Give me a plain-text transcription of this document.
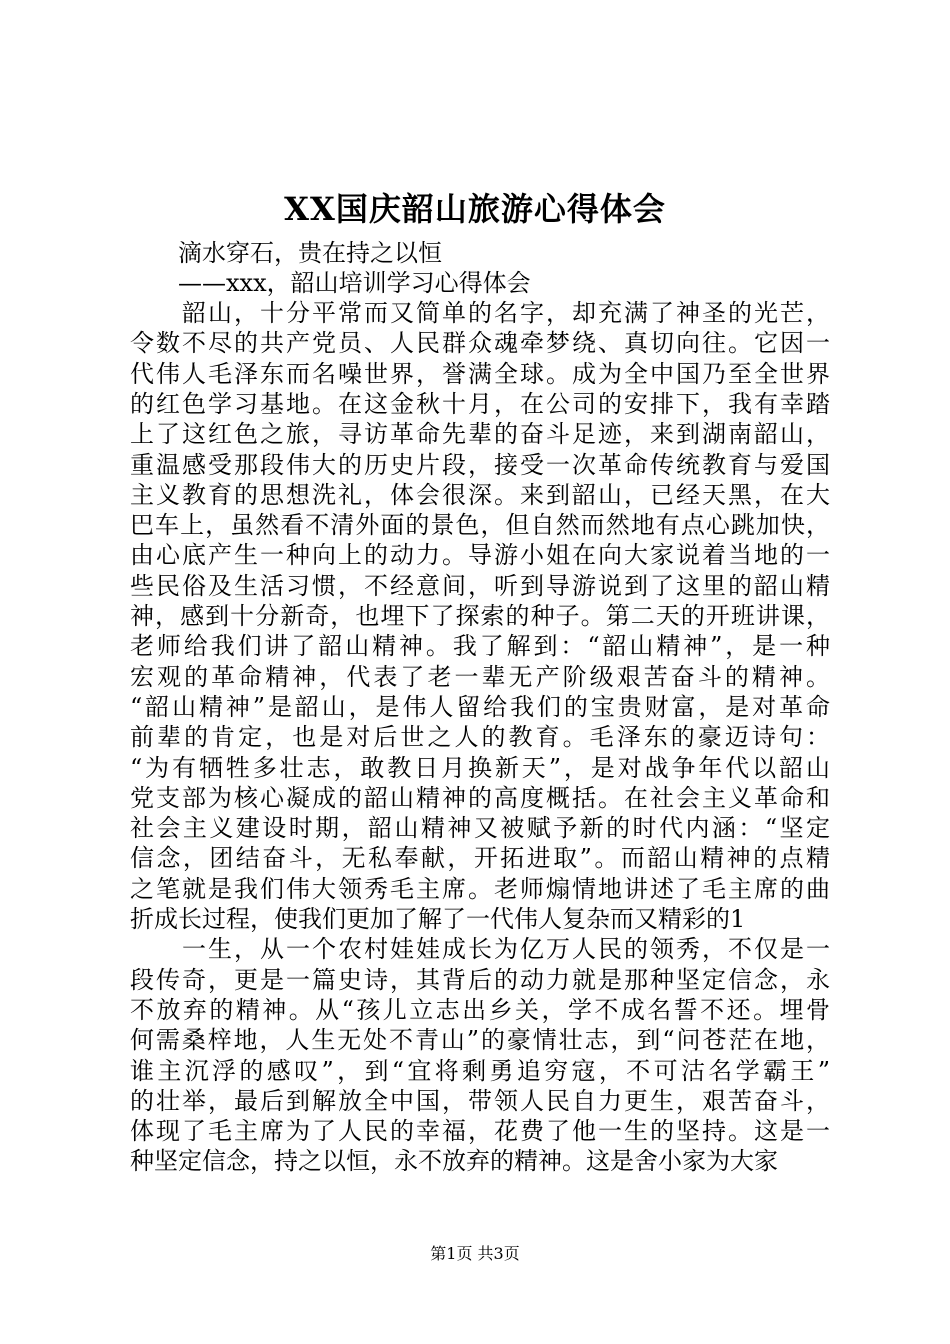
XX国庆韶山旅游心得体会
滴水穿石，贵在持之以恒
——xxx，韶山培训学习心得体会
　　韶山，十分平常而又简单的名字，却充满了神圣的光芒，
令数不尽的共产党员、人民群众魂牵梦绕、真切向往。它因一
代伟人毛泽东而名噪世界，誉满全球。成为全中国乃至全世界
的红色学习基地。在这金秋十月，在公司的安排下，我有幸踏
上了这红色之旅，寻访革命先辈的奋斗足迹，来到湖南韶山，
重温感受那段伟大的历史片段，接受一次革命传统教育与爱国
主义教育的思想洗礼，体会很深。来到韶山，已经天黑，在大
巴车上，虽然看不清外面的景色，但自然而然地有点心跳加快，
由心底产生一种向上的动力。导游小姐在向大家说着当地的一
些民俗及生活习惯，不经意间，听到导游说到了这里的韶山精
神，感到十分新奇，也埋下了探索的种子。第二天的开班讲课，
老师给我们讲了韶山精神。我了解到：“韶山精神”，是一种
宏观的革命精神，代表了老一辈无产阶级艰苦奋斗的精神。
“韶山精神”是韶山，是伟人留给我们的宝贵财富，是对革命
前辈的肯定，也是对后世之人的教育。毛泽东的豪迈诗句：
“为有牺牲多壮志，敢教日月换新天”，是对战争年代以韶山
党支部为核心凝成的韶山精神的高度概括。在社会主义革命和
社会主义建设时期，韶山精神又被赋予新的时代内涵：“坚定
信念，团结奋斗，无私奉献，开拓进取”。而韶山精神的点精
之笔就是我们伟大领秀毛主席。老师煽情地讲述了毛主席的曲
折成长过程，使我们更加了解了一代伟人复杂而又精彩的1
　　一生，从一个农村娃娃成长为亿万人民的领秀，不仅是一
段传奇，更是一篇史诗，其背后的动力就是那种坚定信念，永
不放弃的精神。从“孩儿立志出乡关，学不成名誓不还。埋骨
何需桑梓地，人生无处不青山”的豪情壮志，到“问苍茫在地，
谁主沉浮的感叹”，到“宜将剩勇追穷寇，不可沽名学霸王”
的壮举，最后到解放全中国，带领人民自力更生，艰苦奋斗，
体现了毛主席为了人民的幸福，花费了他一生的坚持。这是一
种坚定信念，持之以恒，永不放弃的精神。这是舍小家为大家
第1页 共3页
